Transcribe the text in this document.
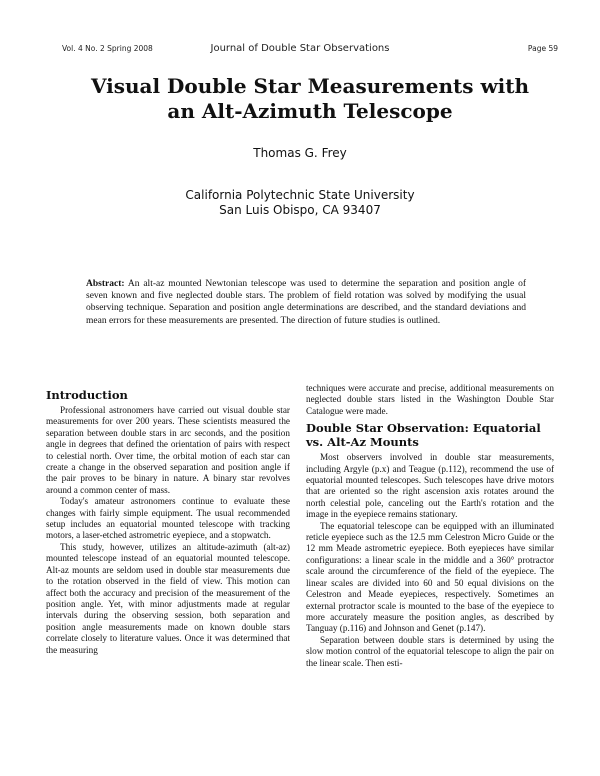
Vol. 4 No. 2 Spring 2008	Journal of Double Star Observations	Page 59
Visual Double Star Measurements with
an Alt-Azimuth Telescope
Thomas G. Frey
California Polytechnic State University
San Luis Obispo, CA 93407
Abstract: An alt-az mounted Newtonian telescope was used to determine the separation and position angle of seven known and five neglected double stars. The problem of field rotation was solved by modifying the usual observing technique. Separation and position angle determinations are described, and the standard deviations and mean errors for these measurements are presented. The direction of future studies is outlined.
Introduction

Professional astronomers have carried out visual double star measurements for over 200 years. These scientists measured the separation between double stars in arc seconds, and the position angle in degrees that defined the orientation of pairs with respect to celestial north. Over time, the orbital motion of each star can create a change in the observed separation and position angle if the pair proves to be binary in nature. A binary star revolves around a common center of mass.

Today's amateur astronomers continue to evaluate these changes with fairly simple equipment. The usual recommended setup includes an equatorial mounted telescope with tracking motors, a laser-etched astrometric eyepiece, and a stopwatch.

This study, however, utilizes an altitude-azimuth (alt-az) mounted telescope instead of an equatorial mounted telescope. Alt-az mounts are seldom used in double star measurements due to the rotation observed in the field of view. This motion can affect both the accuracy and precision of the measurement of the position angle. Yet, with minor adjustments made at regular intervals during the observing session, both separation and position angle measurements made on known double stars correlate closely to literature values. Once it was determined that the measuring

techniques were accurate and precise, additional measurements on neglected double stars listed in the Washington Double Star Catalogue were made.

Double Star Observation: Equatorial vs. Alt-Az Mounts

Most observers involved in double star measurements, including Argyle (p.x) and Teague (p.112), recommend the use of equatorial mounted telescopes. Such telescopes have drive motors that are oriented so the right ascension axis rotates around the north celestial pole, canceling out the Earth's rotation and the image in the eyepiece remains stationary.

The equatorial telescope can be equipped with an illuminated reticle eyepiece such as the 12.5 mm Celestron Micro Guide or the 12 mm Meade astrometric eyepiece. Both eyepieces have similar configurations: a linear scale in the middle and a 360° protractor scale around the circumference of the field of the eyepiece. The linear scales are divided into 60 and 50 equal divisions on the Celestron and Meade eyepieces, respectively. Sometimes an external protractor scale is mounted to the base of the eyepiece to more accurately measure the position angles, as described by Tanguay (p.116) and Johnson and Genet (p.147).

Separation between double stars is determined by using the slow motion control of the equatorial telescope to align the pair on the linear scale. Then esti-
